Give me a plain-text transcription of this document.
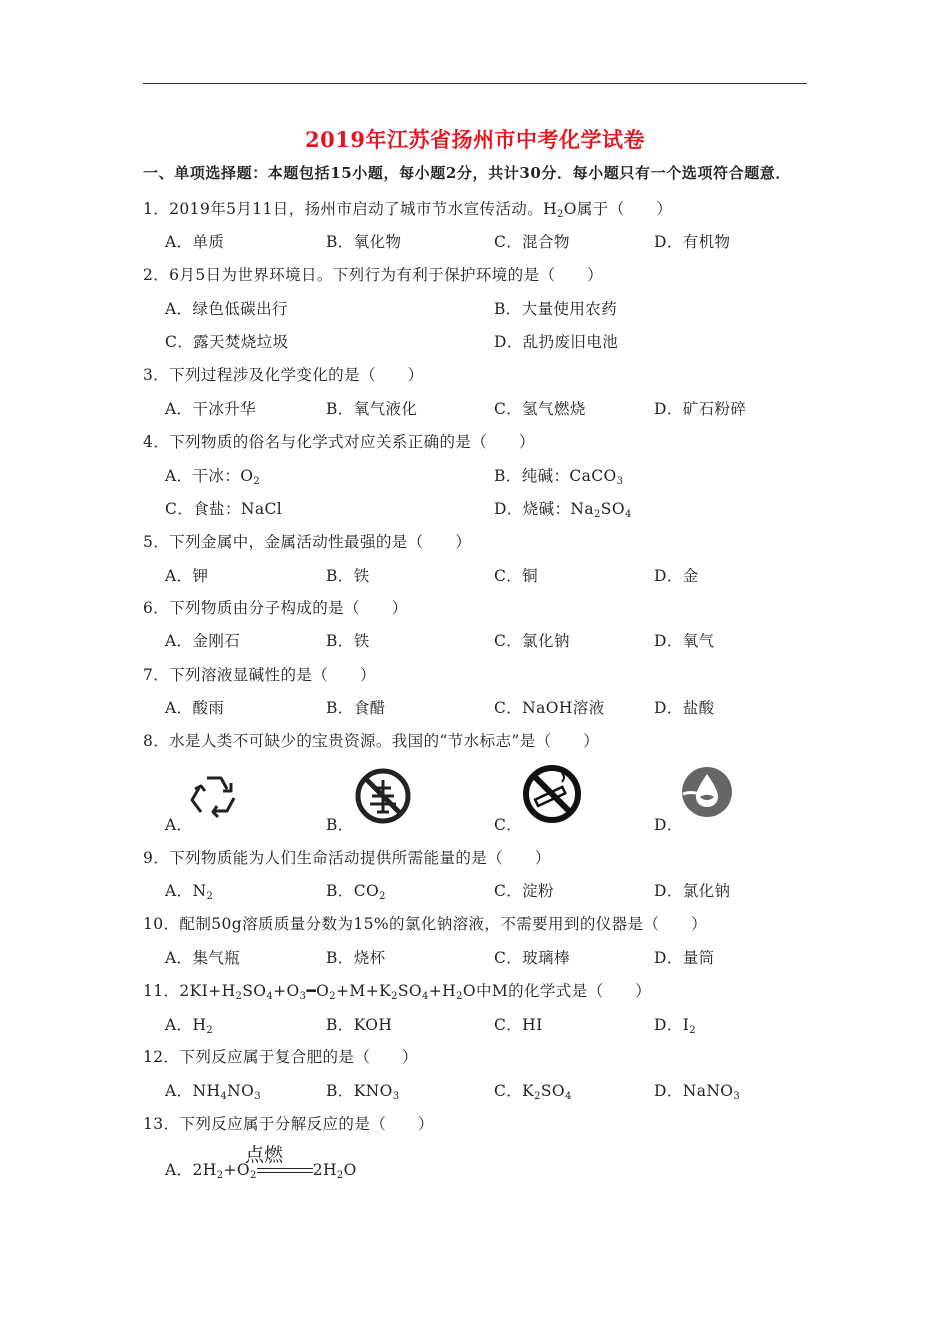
2019年江苏省扬州市中考化学试卷
一、单项选择题：本题包括15小题，每小题2分，共计30分．每小题只有一个选项符合题意．
1．2019年5月11日，扬州市启动了城市节水宣传活动。$H_2O$属于（　　）
A．单质	B．氧化物	C．混合物	D．有机物
2．6月5日为世界环境日。下列行为有利于保护环境的是（　　）
A．绿色低碳出行	B．大量使用农药
C．露天焚烧垃圾	D．乱扔废旧电池
3．下列过程涉及化学变化的是（　　）
A．干冰升华	B．氧气液化	C．氢气燃烧	D．矿石粉碎
4．下列物质的俗名与化学式对应关系正确的是（　　）
A．干冰：$O_2$	B．纯碱：CaCO$_3$
C．食盐：NaCl	D．烧碱：$Na_2SO_4$
5．下列金属中，金属活动性最强的是（　　）
A．钾	B．铁	C．铜	D．金
6．下列物质由分子构成的是（　　）
A．金刚石	B．铁	C．氯化钠	D．氧气
7．下列溶液显碱性的是（　　）
A．酸雨	B．食醋	C．NaOH溶液	D．盐酸
8．水是人类不可缺少的宝贵资源。我国的“节水标志”是（　　）
A．	B．	C．	D．
9．下列物质能为人们生命活动提供所需能量的是（　　）
A．$N_2$	B．$CO_2$	C．淀粉	D．氯化钠
10．配制50g溶质质量分数为15%的氯化钠溶液，不需要用到的仪器是（　　）
A．集气瓶	B．烧杯	C．玻璃棒	D．量筒
11．$2KI+H_2SO_4+O_3━O_2+M+K_2SO_4+H_2O$中M的化学式是（　　）
A．$H_2$	B．KOH	C．HI	D．$I_2$
12．下列反应属于复合肥的是（　　）
A．$NH_4NO_3$	B．$KNO_3$	C．$K_2SO_4$	D．NaNO$_3$
13．下列反应属于分解反应的是（　　）
点燃
A．$2H_2+O_2$	$2H_2O$
